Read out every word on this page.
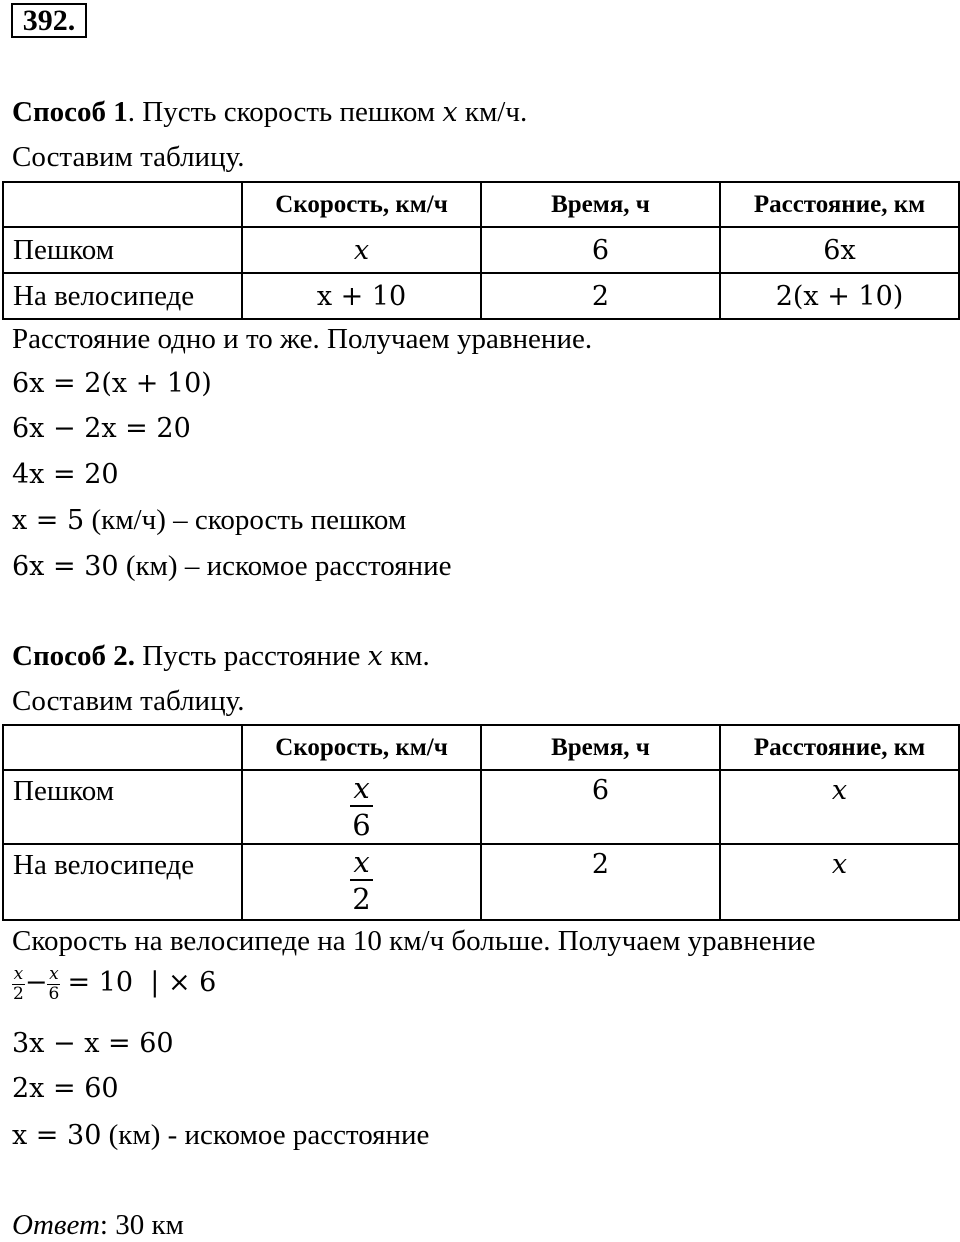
392.
Способ 1. Пусть скорость пешком x км/ч.
Составим таблицу.
	Скорость, км/ч	Время, ч	Расстояние, км
Пешком	x	6	6x
На велосипеде	x + 10	2	2(x + 10)
Расстояние одно и то же. Получаем уравнение.
6x = 2(x + 10)
6x − 2x = 20
4x = 20
x = 5 (км/ч) – скорость пешком
6x = 30 (км) – искомое расстояние
Способ 2. Пусть расстояние x км.
Составим таблицу.
	Скорость, км/ч	Время, ч	Расстояние, км
Пешком	$\frac{x}{6}$	6	x
На велосипеде	$\frac{x}{2}$	2	x
Скорость на велосипеде на 10 км/ч больше. Получаем уравнение
$\frac{x}{2} - \frac{x}{6} = 10$  | × 6
3x − x = 60
2x = 60
x = 30 (км) - искомое расстояние
Ответ: 30 км
